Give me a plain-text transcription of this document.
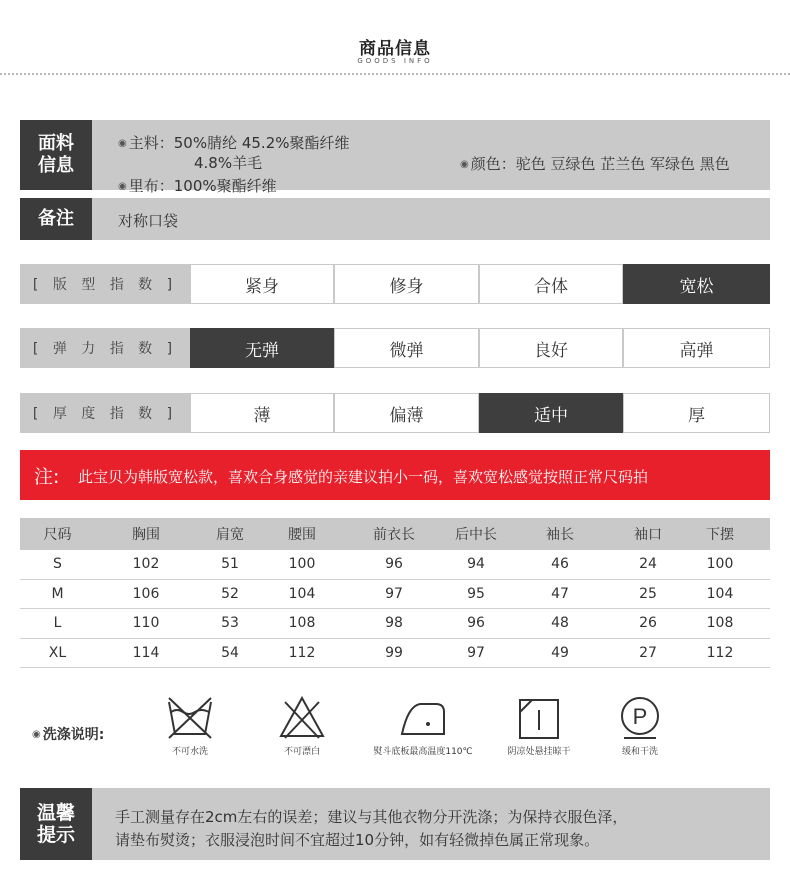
商品信息
GOODS INFO
面料
信息
◉ 主料：50%腈纶 45.2%聚酯纤维
4.8%羊毛
◉ 里布：100%聚酯纤维
◉ 颜色：驼色 豆绿色 芷兰色 军绿色 黑色
备注	对称口袋
[ 版 型 指 数 ]	紧身	修身	合体	宽松
[ 弹 力 指 数 ]	无弹	微弹	良好	高弹
[ 厚 度 指 数 ]	薄	偏薄	适中	厚
注: 此宝贝为韩版宽松款，喜欢合身感觉的亲建议拍小一码，喜欢宽松感觉按照正常尺码拍
尺码	胸围	肩宽	腰围	前衣长	后中长	袖长	袖口	下摆
S	102	51	100	96	94	46	24	100
M	106	52	104	97	95	47	25	104
L	110	53	108	98	96	48	26	108
XL	114	54	112	99	97	49	27	112
◉ 洗涤说明:
不可水洗	不可漂白	熨斗底板最高温度110℃	阴凉处悬挂晾干
P
缓和干洗
温馨
提示
手工测量存在2cm左右的误差；建议与其他衣物分开洗涤；为保持衣服色泽，
请垫布熨烫；衣服浸泡时间不宜超过10分钟，如有轻微掉色属正常现象。
